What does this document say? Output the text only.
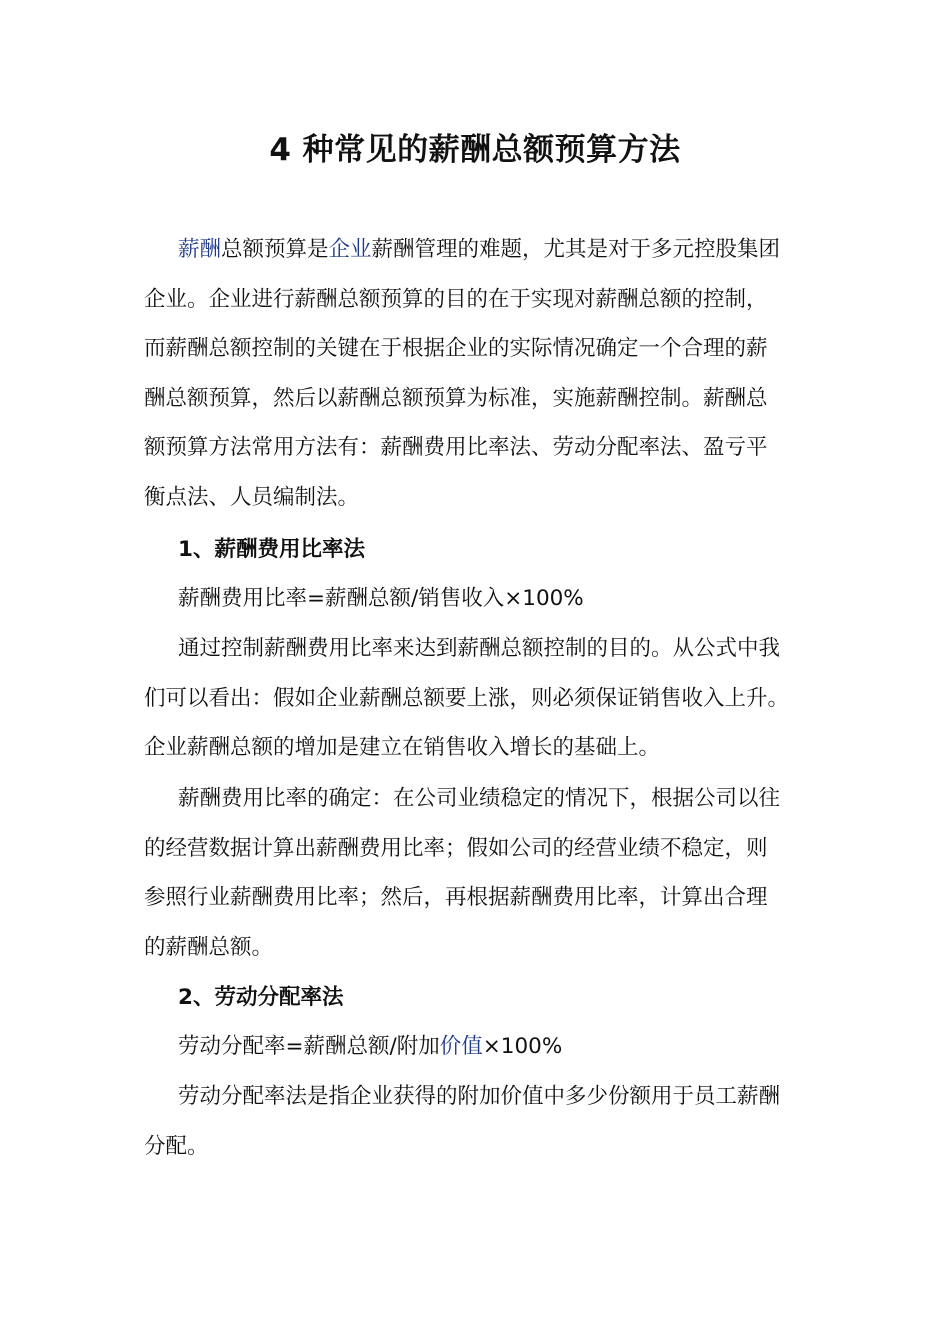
4 种常见的薪酬总额预算方法
薪酬总额预算是企业薪酬管理的难题，尤其是对于多元控股集团
企业。企业进行薪酬总额预算的目的在于实现对薪酬总额的控制，
而薪酬总额控制的关键在于根据企业的实际情况确定一个合理的薪
酬总额预算，然后以薪酬总额预算为标准，实施薪酬控制。薪酬总
额预算方法常用方法有：薪酬费用比率法、劳动分配率法、盈亏平
衡点法、人员编制法。
1、薪酬费用比率法
薪酬费用比率=薪酬总额/销售收入×100%
通过控制薪酬费用比率来达到薪酬总额控制的目的。从公式中我
们可以看出：假如企业薪酬总额要上涨，则必须保证销售收入上升。
企业薪酬总额的增加是建立在销售收入增长的基础上。
薪酬费用比率的确定：在公司业绩稳定的情况下，根据公司以往
的经营数据计算出薪酬费用比率；假如公司的经营业绩不稳定，则
参照行业薪酬费用比率；然后，再根据薪酬费用比率，计算出合理
的薪酬总额。
2、劳动分配率法
劳动分配率=薪酬总额/附加价值×100%
劳动分配率法是指企业获得的附加价值中多少份额用于员工薪酬
分配。
